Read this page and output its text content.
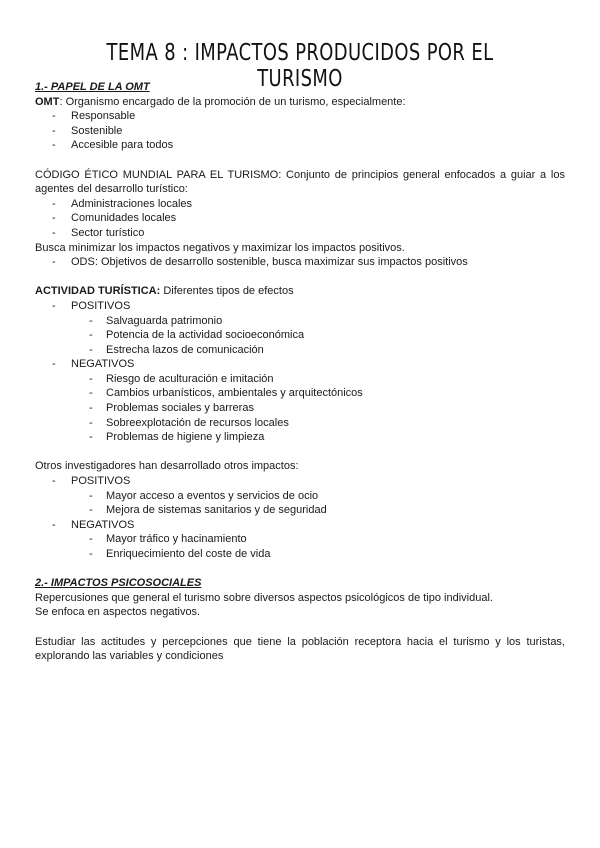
TEMA 8 : IMPACTOS PRODUCIDOS POR EL TURISMO
1.- PAPEL DE LA OMT
OMT: Organismo encargado de la promoción de un turismo, especialmente:
- Responsable
- Sostenible
- Accesible para todos
CÓDIGO ÉTICO MUNDIAL PARA EL TURISMO: Conjunto de principios general enfocados a guiar a los agentes del desarrollo turístico:
- Administraciones locales
- Comunidades locales
- Sector turístico
Busca minimizar los impactos negativos y maximizar los impactos positivos.
- ODS: Objetivos de desarrollo sostenible, busca maximizar sus impactos positivos
ACTIVIDAD TURÍSTICA: Diferentes tipos de efectos
- POSITIVOS
- Salvaguarda patrimonio
- Potencia de la actividad socioeconómica
- Estrecha lazos de comunicación
- NEGATIVOS
- Riesgo de aculturación e imitación
- Cambios urbanísticos, ambientales y arquitectónicos
- Problemas sociales y barreras
- Sobreexplotación de recursos locales
- Problemas de higiene y limpieza
Otros investigadores han desarrollado otros impactos:
- POSITIVOS
- Mayor acceso a eventos y servicios de ocio
- Mejora de sistemas sanitarios y de seguridad
- NEGATIVOS
- Mayor tráfico y hacinamiento
- Enriquecimiento del coste de vida
2.- IMPACTOS PSICOSOCIALES
Repercusiones que general el turismo sobre diversos aspectos psicológicos de tipo individual.
Se enfoca en aspectos negativos.
Estudiar las actitudes y percepciones que tiene la población receptora hacia el turismo y los turistas, explorando las variables y condiciones
